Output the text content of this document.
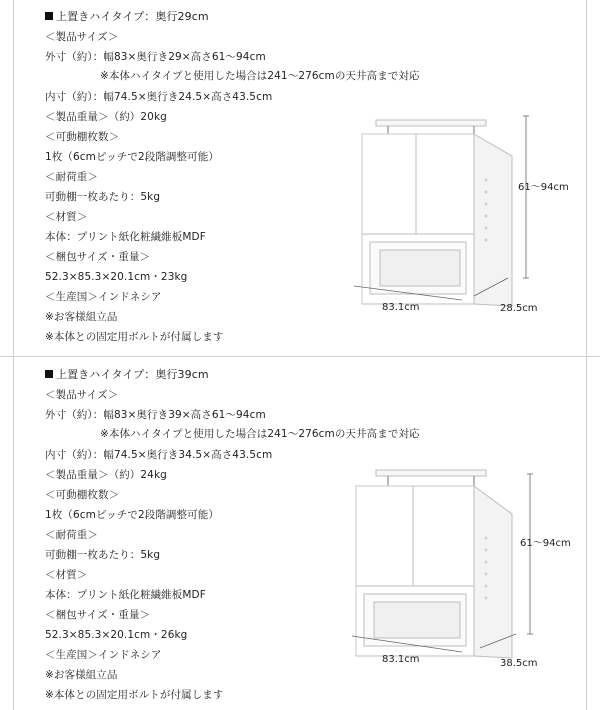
上置きハイタイプ：奥行29cm
＜製品サイズ＞
外寸（約）：幅83×奥行き29×高さ61～94cm
※本体ハイタイプと使用した場合は241～276cmの天井高まで対応
内寸（約）：幅74.5×奥行き24.5×高さ43.5cm
＜製品重量＞（約）20kg
＜可動棚枚数＞
1枚（6cmピッチで2段階調整可能）
＜耐荷重＞
可動棚一枚あたり：5kg
＜材質＞
本体：プリント紙化粧繊維板MDF
＜梱包サイズ・重量＞
52.3×85.3×20.1cm・23kg
＜生産国＞インドネシア
※お客様組立品
※本体との固定用ボルトが付属します
上置きハイタイプ：奥行39cm
＜製品サイズ＞
外寸（約）：幅83×奥行き39×高さ61～94cm
※本体ハイタイプと使用した場合は241～276cmの天井高まで対応
内寸（約）：幅74.5×奥行き34.5×高さ43.5cm
＜製品重量＞（約）24kg
＜可動棚枚数＞
1枚（6cmピッチで2段階調整可能）
＜耐荷重＞
可動棚一枚あたり：5kg
＜材質＞
本体：プリント紙化粧繊維板MDF
＜梱包サイズ・重量＞
52.3×85.3×20.1cm・26kg
＜生産国＞インドネシア
※お客様組立品
※本体との固定用ボルトが付属します
61～94cm
83.1cm	28.5cm
61～94cm
83.1cm	38.5cm
